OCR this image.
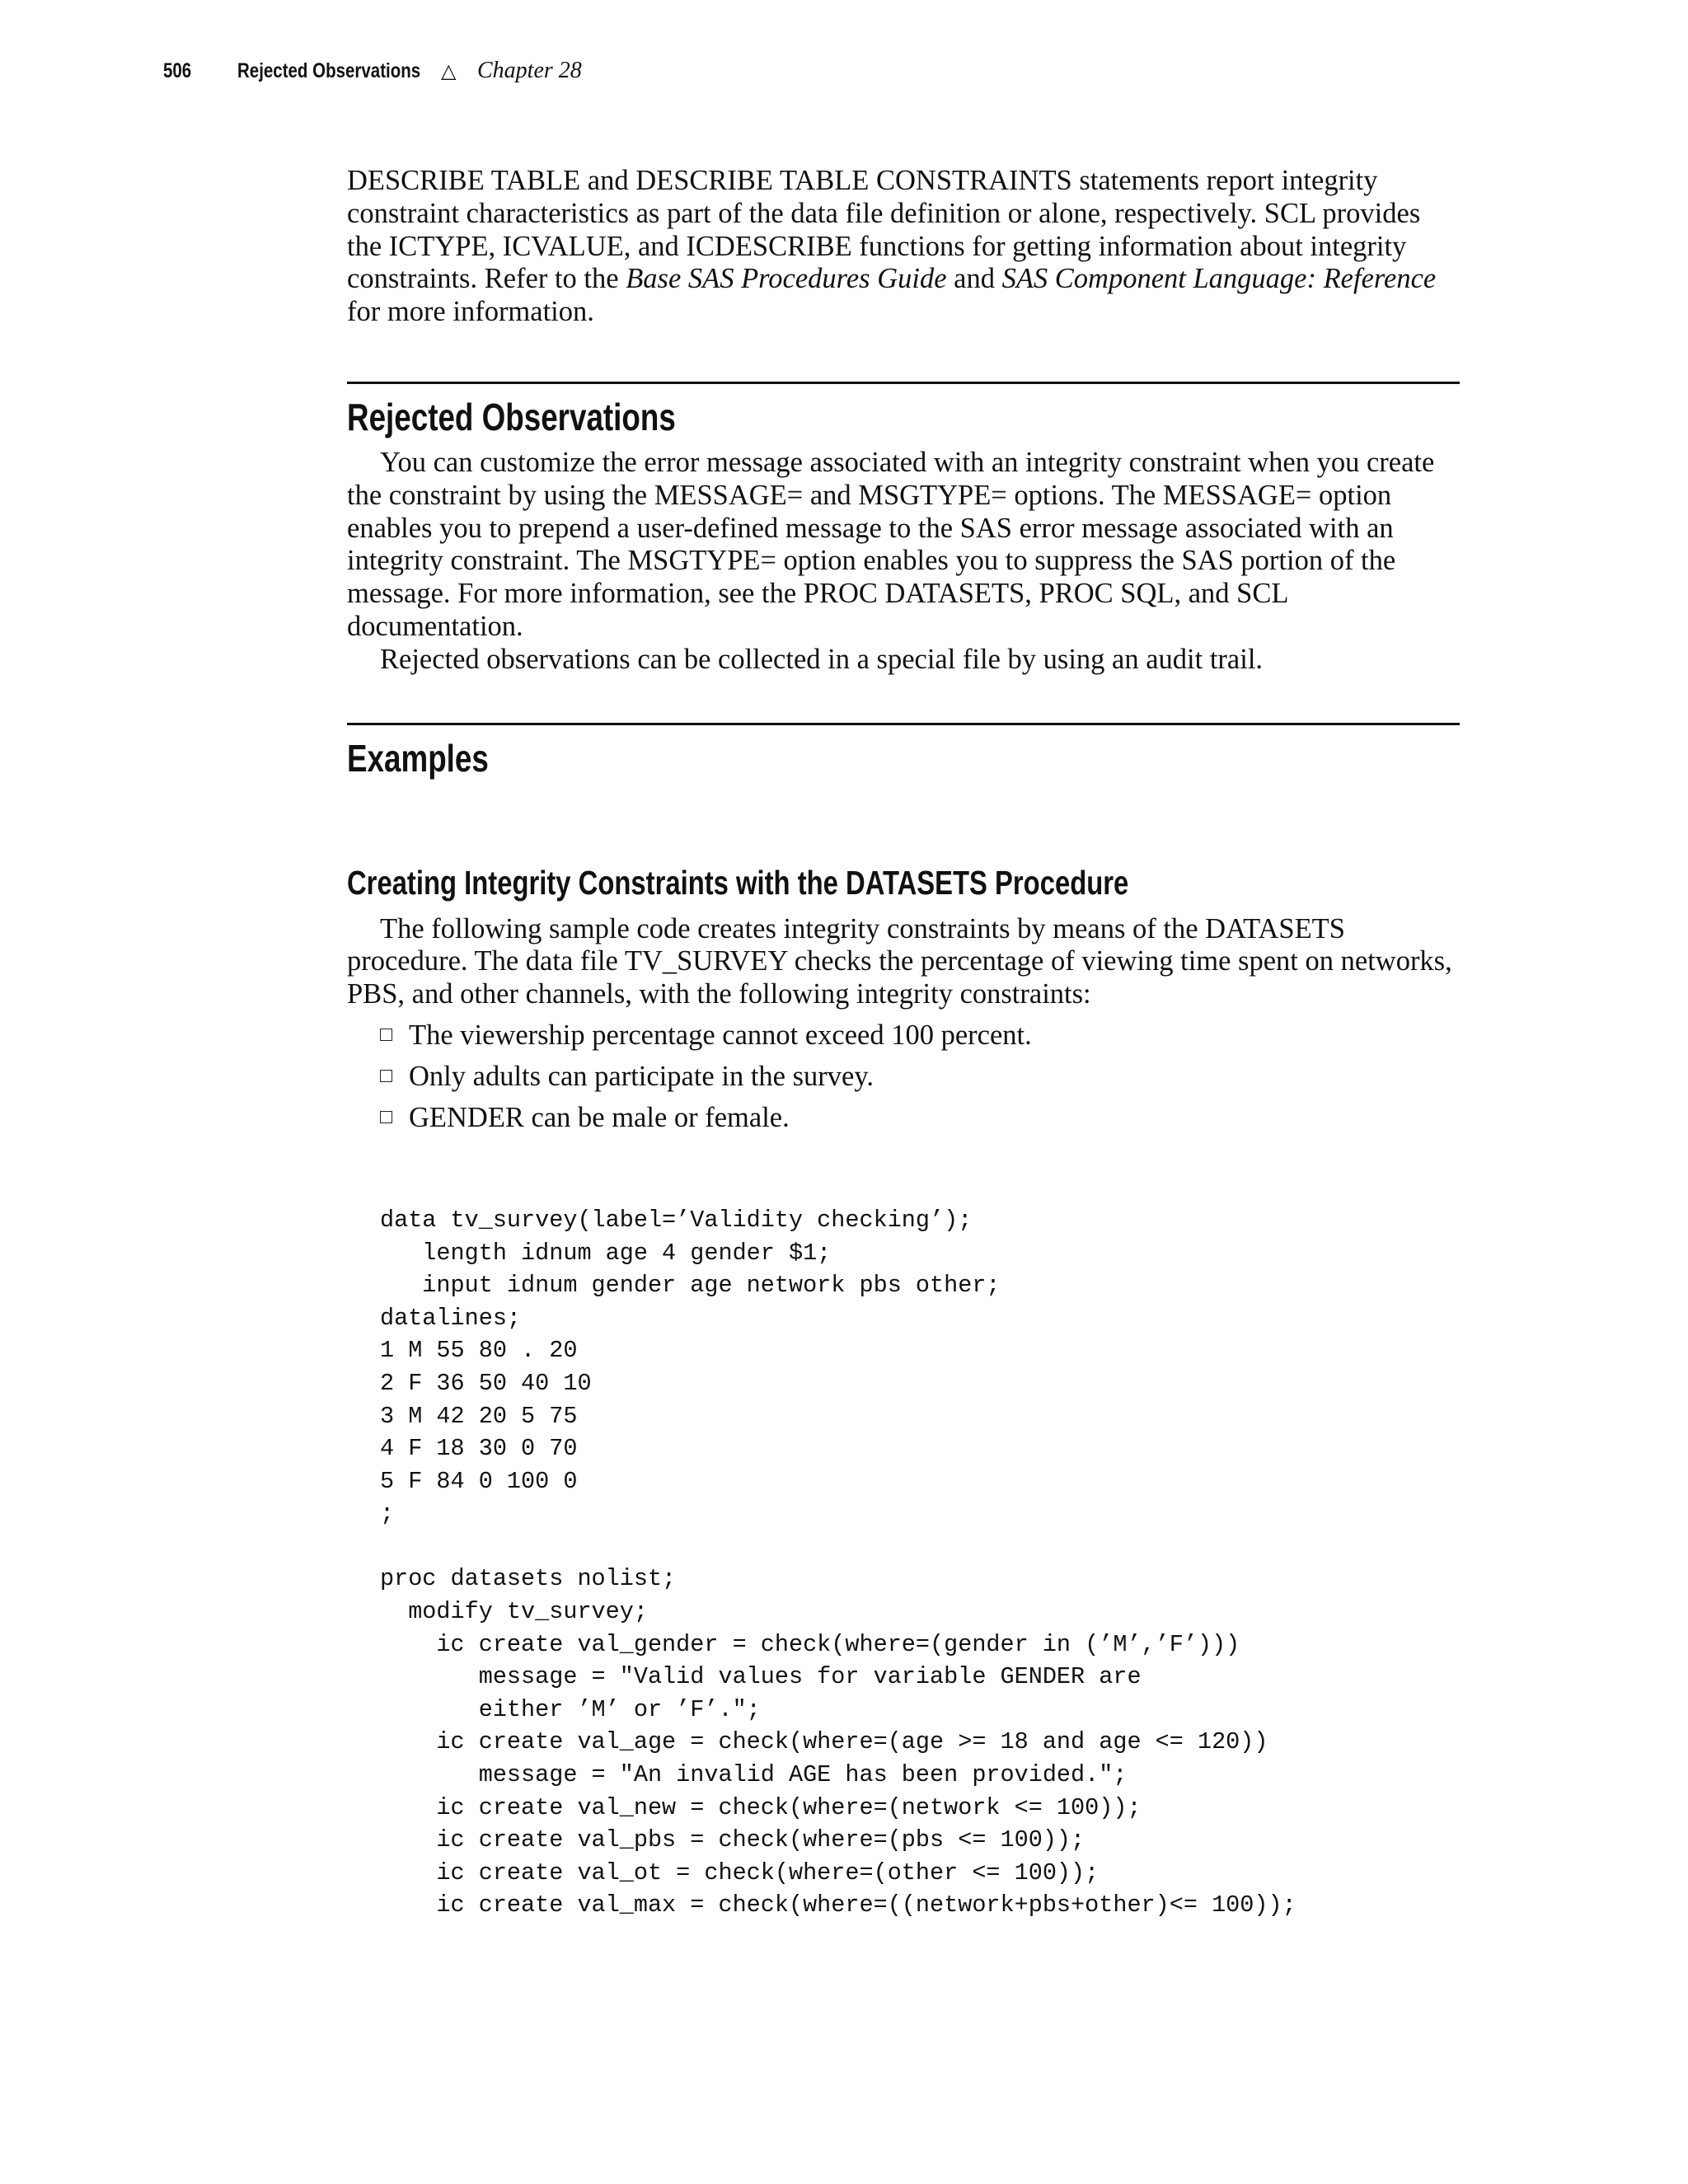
506	Rejected Observations △ Chapter 28

DESCRIBE TABLE and DESCRIBE TABLE CONSTRAINTS statements report integrity constraint characteristics as part of the data file definition or alone, respectively. SCL provides the ICTYPE, ICVALUE, and ICDESCRIBE functions for getting information about integrity constraints. Refer to the Base SAS Procedures Guide and SAS Component Language: Reference for more information.

Rejected Observations

You can customize the error message associated with an integrity constraint when you create the constraint by using the MESSAGE= and MSGTYPE= options. The MESSAGE= option enables you to prepend a user-defined message to the SAS error message associated with an integrity constraint. The MSGTYPE= option enables you to suppress the SAS portion of the message. For more information, see the PROC DATASETS, PROC SQL, and SCL documentation.

Rejected observations can be collected in a special file by using an audit trail.

Examples
Creating Integrity Constraints with the DATASETS Procedure

The following sample code creates integrity constraints by means of the DATASETS procedure. The data file TV_SURVEY checks the percentage of viewing time spent on networks, PBS, and other channels, with the following integrity constraints:

The viewership percentage cannot exceed 100 percent.
Only adults can participate in the survey.
GENDER can be male or female.
data tv_survey(label=’Validity checking’);
length idnum age 4 gender $1;
input idnum gender age network pbs other;
datalines;
1 M 55 80 . 20
2 F 36 50 40 10
3 M 42 20 5 75
4 F 18 30 0 70
5 F 84 0 100 0
;
proc datasets nolist;
modify tv_survey;
ic create val_gender = check(where=(gender in (’M’,’F’)))
message = "Valid values for variable GENDER are
either ’M’ or ’F’.";
ic create val_age = check(where=(age >= 18 and age <= 120))
message = "An invalid AGE has been provided.";
ic create val_new = check(where=(network <= 100));
ic create val_pbs = check(where=(pbs <= 100));
ic create val_ot = check(where=(other <= 100));
ic create val_max = check(where=((network+pbs+other)<= 100));
